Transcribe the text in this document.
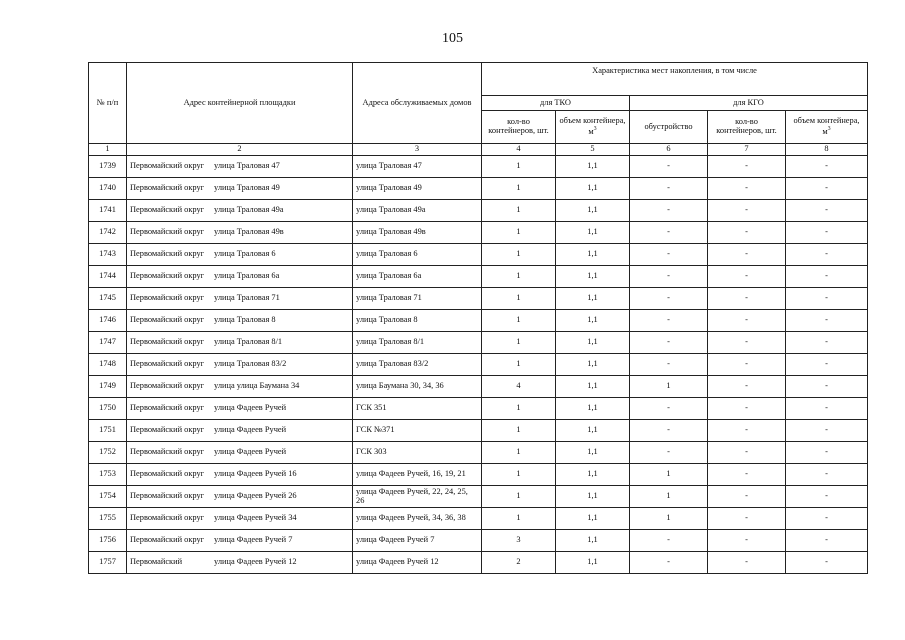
105
№ п/п	Адрес контейнерной площадки	Адреса обслуживаемых домов	Характеристика мест накопления, в том числе				
			для ТКО		для КГО		
			кол-во контейнеров, шт.	объем контейнера, $м^3$	обустройство	кол-во контейнеров, шт.	объем контейнера, $м^3$
1	2	3	4	5	6	7	8
1739	Первомайский округ улица Траловая 47	улица Траловая 47	1	1,1	-	-	-
1740	Первомайский округ улица Траловая 49	улица Траловая 49	1	1,1	-	-	-
1741	Первомайский округ улица Траловая 49а	улица Траловая 49а	1	1,1	-	-	-
1742	Первомайский округ улица Траловая 49в	улица Траловая 49в	1	1,1	-	-	-
1743	Первомайский округ улица Траловая 6	улица Траловая 6	1	1,1	-	-	-
1744	Первомайский округ улица Траловая 6а	улица Траловая 6а	1	1,1	-	-	-
1745	Первомайский округ улица Траловая 71	улица Траловая 71	1	1,1	-	-	-
1746	Первомайский округ улица Траловая 8	улица Траловая 8	1	1,1	-	-	-
1747	Первомайский округ улица Траловая 8/1	улица Траловая 8/1	1	1,1	-	-	-
1748	Первомайский округ улица Траловая 83/2	улица Траловая 83/2	1	1,1	-	-	-
1749	Первомайский округ улица улица Баумана 34	улица Баумана 30, 34, 36	4	1,1	1	-	-
1750	Первомайский округ улица Фадеев Ручей	ГСК 351	1	1,1	-	-	-
1751	Первомайский округ улица Фадеев Ручей	ГСК №371	1	1,1	-	-	-
1752	Первомайский округ улица Фадеев Ручей	ГСК 303	1	1,1	-	-	-
1753	Первомайский округ улица Фадеев Ручей 16	улица Фадеев Ручей, 16, 19, 21	1	1,1	1	-	-
1754	Первомайский округ улица Фадеев Ручей 26	улица Фадеев Ручей, 22, 24, 25, 26	1	1,1	1	-	-
1755	Первомайский округ улица Фадеев Ручей 34	улица Фадеев Ручей, 34, 36, 38	1	1,1	1	-	-
1756	Первомайский округ улица Фадеев Ручей 7	улица Фадеев Ручей 7	3	1,1	-	-	-
1757	Первомайский улица Фадеев Ручей 12	улица Фадеев Ручей 12	2	1,1	-	-	-
